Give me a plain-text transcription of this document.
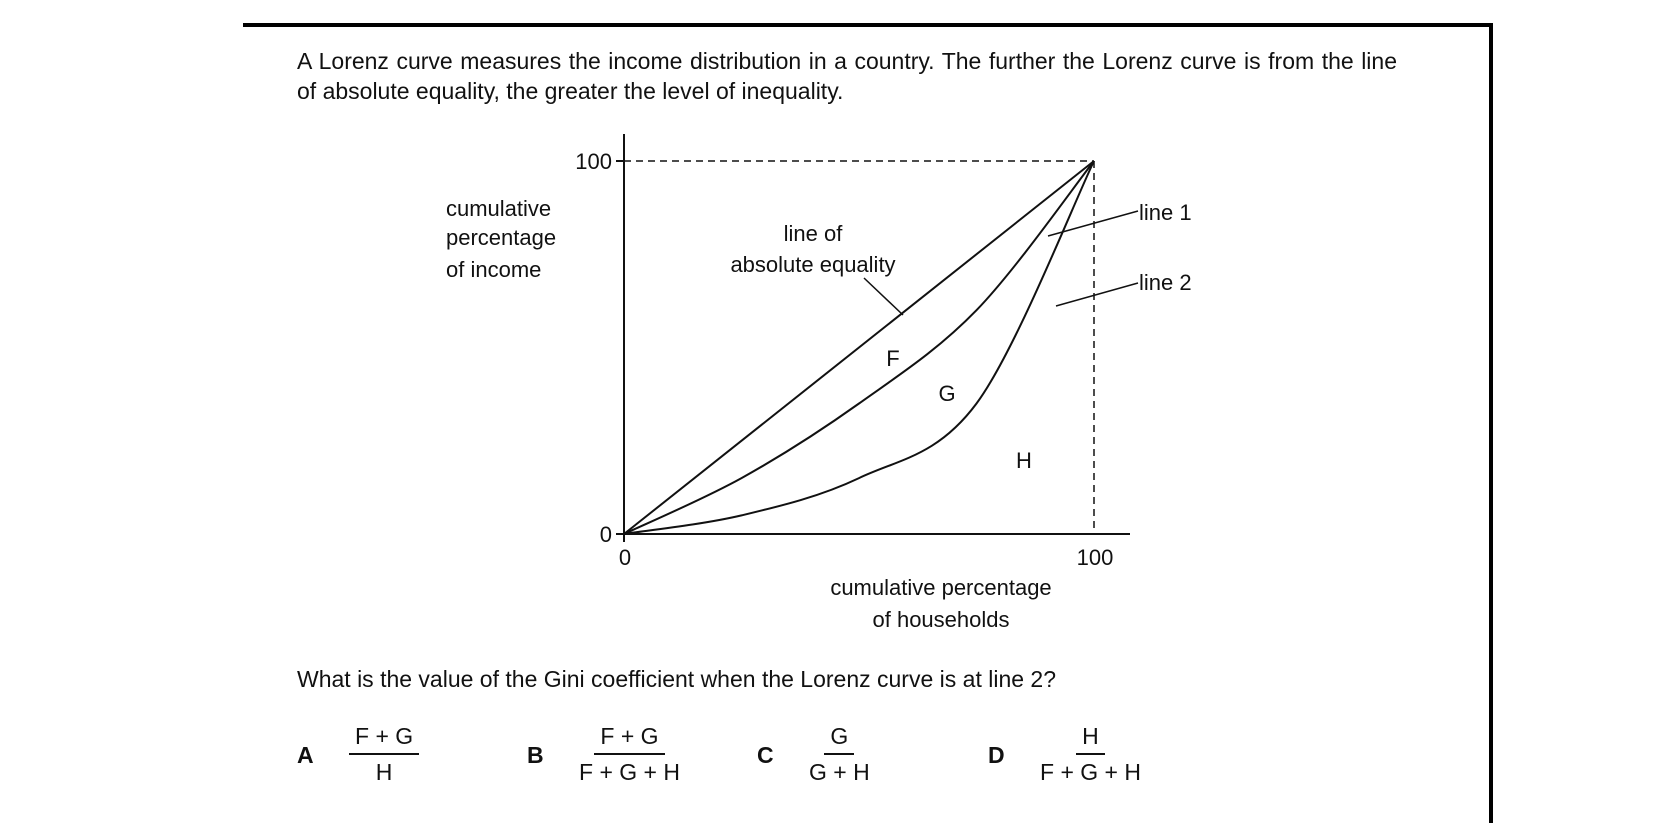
A Lorenz curve measures the income distribution in a country. The further the Lorenz curve is from the line of absolute equality, the greater the level of inequality.
100
0
0	100
cumulative
percentage
of income
cumulative percentage
of households
line of
absolute equality
line 1
line 2
F
G
H
What is the value of the Gini coefficient when the Lorenz curve is at line 2?
A $\frac{F + G}{H}$	B $\frac{F + G}{F + G + H}$	C $\frac{G}{G + H}$	D $\frac{H}{F + G + H}$
